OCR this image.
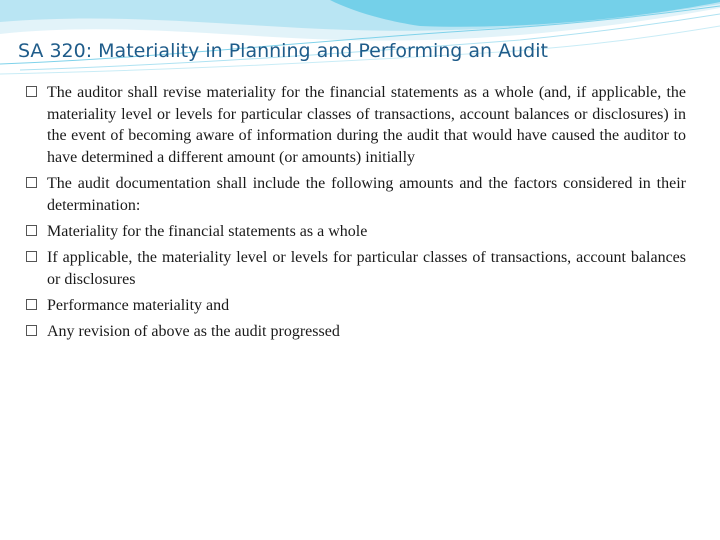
SA 320: Materiality in Planning and Performing an Audit
The auditor shall revise materiality for the financial statements as a whole (and, if applicable, the materiality level or levels for particular classes of transactions, account balances or disclosures) in the event of becoming aware of information during the audit that would have caused the auditor to have determined a different amount (or amounts) initially
The audit documentation shall include the following amounts and the factors considered in their determination:
Materiality for the financial statements as a whole
If applicable, the materiality level or levels for particular classes of transactions, account balances or disclosures
Performance materiality and
Any revision of above as the audit progressed
